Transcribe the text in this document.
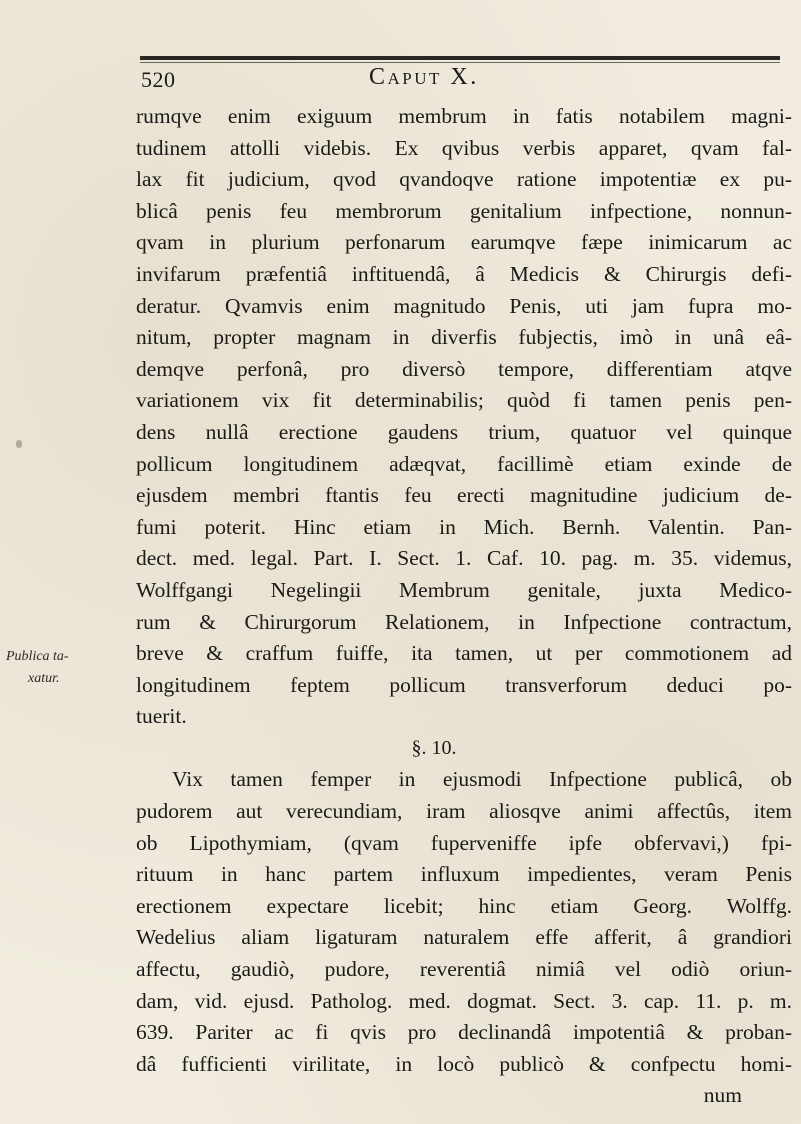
520	Caput X.
Publica ta-
xatur.
rumqve enim exiguum membrum in fatis notabilem magni-
tudinem attolli videbis. Ex qvibus verbis apparet, qvam fal-
lax fit judicium, qvod qvandoqve ratione impotentiæ ex pu-
blicâ penis feu membrorum genitalium infpectione, nonnun-
qvam in plurium perfonarum earumqve fæpe inimicarum ac
invifarum præfentiâ inftituendâ, â Medicis & Chirurgis defi-
deratur. Qvamvis enim magnitudo Penis, uti jam fupra mo-
nitum, propter magnam in diverfis fubjectis, imò in unâ eâ-
demqve perfonâ, pro diversò tempore, differentiam atqve
variationem vix fit determinabilis; quòd fi tamen penis pen-
dens nullâ erectione gaudens trium, quatuor vel quinque
pollicum longitudinem adæqvat, facillimè etiam exinde de
ejusdem membri ftantis feu erecti magnitudine judicium de-
fumi poterit. Hinc etiam in Mich. Bernh. Valentin. Pan-
dect. med. legal. Part. I. Sect. 1. Caf. 10. pag. m. 35. videmus,
Wolffgangi Negelingii Membrum genitale, juxta Medico-
rum & Chirurgorum Relationem, in Infpectione contractum,
breve & craffum fuiffe, ita tamen, ut per commotionem ad
longitudinem feptem pollicum transverforum deduci po-
tuerit.
§. 10.
Vix tamen femper in ejusmodi Infpectione publicâ, ob
pudorem aut verecundiam, iram aliosqve animi affectûs, item
ob Lipothymiam, (qvam fuperveniffe ipfe obfervavi,) fpi-
rituum in hanc partem influxum impedientes, veram Penis
erectionem expectare licebit; hinc etiam Georg. Wolffg.
Wedelius aliam ligaturam naturalem effe afferit, â grandiori
affectu, gaudiò, pudore, reverentiâ nimiâ vel odiò oriun-
dam, vid. ejusd. Patholog. med. dogmat. Sect. 3. cap. 11. p. m.
639. Pariter ac fi qvis pro declinandâ impotentiâ & proban-
dâ fufficienti virilitate, in locò publicò & confpectu homi-
num
